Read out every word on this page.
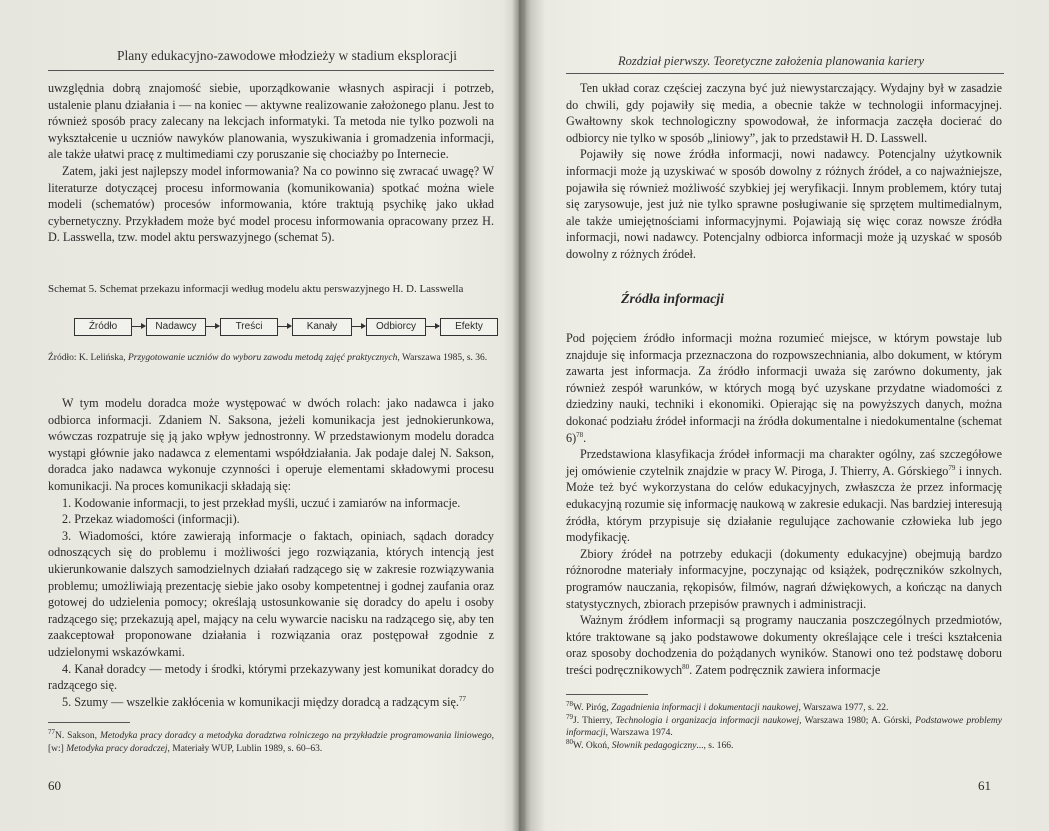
Plany edukacyjno-zawodowe młodzieży w stadium eksploracji

uwzględnia dobrą znajomość siebie, uporządkowanie własnych aspiracji i potrzeb, ustalenie planu działania i — na koniec — aktywne realizowanie założonego planu. Jest to również sposób pracy zalecany na lekcjach informatyki. Ta metoda nie tylko pozwoli na wykształcenie u uczniów nawyków planowania, wyszukiwania i gromadzenia informacji, ale także ułatwi pracę z multimediami czy poruszanie się chociażby po Internecie.

Zatem, jaki jest najlepszy model informowania? Na co powinno się zwracać uwagę? W literaturze dotyczącej procesu informowania (komunikowania) spotkać można wiele modeli (schematów) procesów informowania, które traktują psychikę jako układ cybernetyczny. Przykładem może być model procesu informowania opracowany przez H. D. Lasswella, tzw. model aktu perswazyjnego (schemat 5).

Schemat 5. Schemat przekazu informacji według modelu aktu perswazyjnego H. D. Lasswella
Źródło	Nadawcy	Treści	Kanały	Odbiorcy	Efekty
Źródło: K. Lelińska, Przygotowanie uczniów do wyboru zawodu metodą zajęć praktycznych, Warszawa 1985, s. 36.

W tym modelu doradca może występować w dwóch rolach: jako nadawca i jako odbiorca informacji. Zdaniem N. Saksona, jeżeli komunikacja jest jednokierunkowa, wówczas rozpatruje się ją jako wpływ jednostronny. W przedstawionym modelu doradca wystąpi głównie jako nadawca z elementami współdziałania. Jak podaje dalej N. Sakson, doradca jako nadawca wykonuje czynności i operuje elementami składowymi procesu komunikacji. Na proces komunikacji składają się:

1. Kodowanie informacji, to jest przekład myśli, uczuć i zamiarów na informacje.

2. Przekaz wiadomości (informacji).

3. Wiadomości, które zawierają informacje o faktach, opiniach, sądach doradcy odnoszących się do problemu i możliwości jego rozwiązania, których intencją jest ukierunkowanie dalszych samodzielnych działań radzącego się w zakresie rozwiązywania problemu; umożliwiają prezentację siebie jako osoby kompetentnej i godnej zaufania oraz gotowej do udzielenia pomocy; określają ustosunkowanie się doradcy do apelu i osoby radzącego się; przekazują apel, mający na celu wywarcie nacisku na radzącego się, aby ten zaakceptował proponowane działania i rozwiązania oraz postępował zgodnie z udzielonymi wskazówkami.

4. Kanał doradcy — metody i środki, którymi przekazywany jest komunikat doradcy do radzącego się.

5. Szumy — wszelkie zakłócenia w komunikacji między doradcą a radzącym się.$^{77}$

$^{77}$N. Sakson, Metodyka pracy doradcy a metodyka doradztwa rolniczego na przykładzie programowania liniowego, [w:] Metodyka pracy doradczej, Materiały WUP, Lublin 1989, s. 60–63.
60
Rozdział pierwszy. Teoretyczne założenia planowania kariery

Ten układ coraz częściej zaczyna być już niewystarczający. Wydajny był w zasadzie do chwili, gdy pojawiły się media, a obecnie także w technologii informacyjnej. Gwałtowny skok technologiczny spowodował, że informacja zaczęła docierać do odbiorcy nie tylko w sposób „liniowy”, jak to przedstawił H. D. Lasswell.

Pojawiły się nowe źródła informacji, nowi nadawcy. Potencjalny użytkownik informacji może ją uzyskiwać w sposób dowolny z różnych źródeł, a co najważniejsze, pojawiła się również możliwość szybkiej jej weryfikacji. Innym problemem, który tutaj się zarysowuje, jest już nie tylko sprawne posługiwanie się sprzętem multimedialnym, ale także umiejętnościami informacyjnymi. Pojawiają się więc coraz nowsze źródła informacji, nowi nadawcy. Potencjalny odbiorca informacji może ją uzyskać w sposób dowolny z różnych źródeł.

Źródła informacji

Pod pojęciem źródło informacji można rozumieć miejsce, w którym powstaje lub znajduje się informacja przeznaczona do rozpowszechniania, albo dokument, w którym zawarta jest informacja. Za źródło informacji uważa się zarówno dokumenty, jak również zespół warunków, w których mogą być uzyskane przydatne wiadomości z dziedziny nauki, techniki i ekonomiki. Opierając się na powyższych danych, można dokonać podziału źródeł informacji na źródła dokumentalne i niedokumentalne (schemat 6)$^{78}$.

Przedstawiona klasyfikacja źródeł informacji ma charakter ogólny, zaś szczegółowe jej omówienie czytelnik znajdzie w pracy W. Piroga, J. Thierry, A. Górskiego$^{79}$ i innych. Może też być wykorzystana do celów edukacyjnych, zwłaszcza że przez informację edukacyjną rozumie się informację naukową w zakresie edukacji. Nas bardziej interesują źródła, którym przypisuje się działanie regulujące zachowanie człowieka lub jego modyfikację.

Zbiory źródeł na potrzeby edukacji (dokumenty edukacyjne) obejmują bardzo różnorodne materiały informacyjne, poczynając od książek, podręczników szkolnych, programów nauczania, rękopisów, filmów, nagrań dźwiękowych, a kończąc na danych statystycznych, zbiorach przepisów prawnych i administracji.

Ważnym źródłem informacji są programy nauczania poszczególnych przedmiotów, które traktowane są jako podstawowe dokumenty określające cele i treści kształcenia oraz sposoby dochodzenia do pożądanych wyników. Stanowi ono też podstawę doboru treści podręcznikowych$^{80}$. Zatem podręcznik zawiera informacje

$^{78}$W. Piróg, Zagadnienia informacji i dokumentacji naukowej, Warszawa 1977, s. 22.
$^{79}$J. Thierry, Technologia i organizacja informacji naukowej, Warszawa 1980; A. Górski, Podstawowe problemy informacji, Warszawa 1974.
$^{80}$W. Okoń, Słownik pedagogiczny..., s. 166.
61
